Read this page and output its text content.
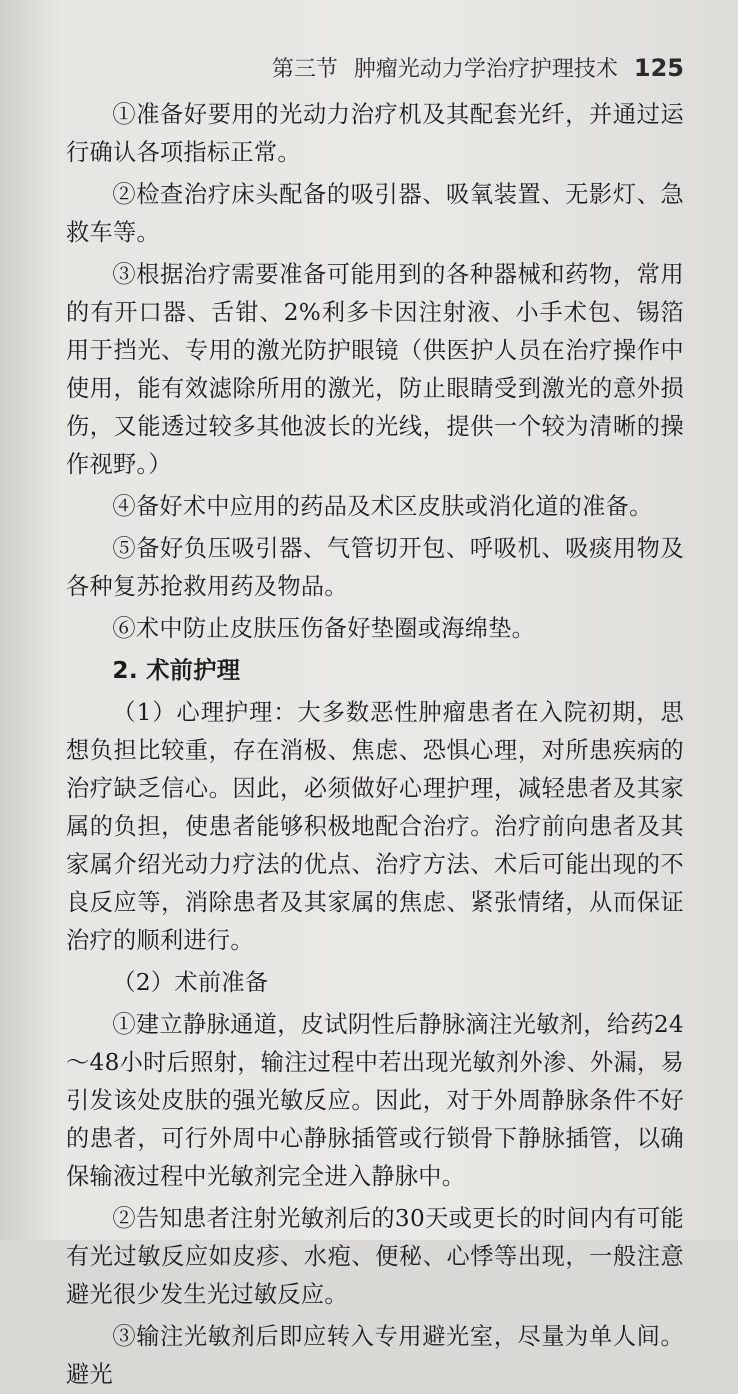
第三节 肿瘤光动力学治疗护理技术 125

①准备好要用的光动力治疗机及其配套光纤，并通过运行确认各项指标正常。

②检查治疗床头配备的吸引器、吸氧装置、无影灯、急救车等。

③根据治疗需要准备可能用到的各种器械和药物，常用的有开口器、舌钳、2%利多卡因注射液、小手术包、锡箔用于挡光、专用的激光防护眼镜（供医护人员在治疗操作中使用，能有效滤除所用的激光，防止眼睛受到激光的意外损伤，又能透过较多其他波长的光线，提供一个较为清晰的操作视野。）

④备好术中应用的药品及术区皮肤或消化道的准备。

⑤备好负压吸引器、气管切开包、呼吸机、吸痰用物及各种复苏抢救用药及物品。

⑥术中防止皮肤压伤备好垫圈或海绵垫。

2. 术前护理

（1）心理护理：大多数恶性肿瘤患者在入院初期，思想负担比较重，存在消极、焦虑、恐惧心理，对所患疾病的治疗缺乏信心。因此，必须做好心理护理，减轻患者及其家属的负担，使患者能够积极地配合治疗。治疗前向患者及其家属介绍光动力疗法的优点、治疗方法、术后可能出现的不良反应等，消除患者及其家属的焦虑、紧张情绪，从而保证治疗的顺利进行。

（2）术前准备

①建立静脉通道，皮试阴性后静脉滴注光敏剂，给药24～48小时后照射，输注过程中若出现光敏剂外渗、外漏，易引发该处皮肤的强光敏反应。因此，对于外周静脉条件不好的患者，可行外周中心静脉插管或行锁骨下静脉插管，以确保输液过程中光敏剂完全进入静脉中。

②告知患者注射光敏剂后的30天或更长的时间内有可能有光过敏反应如皮疹、水疱、便秘、心悸等出现，一般注意避光很少发生光过敏反应。

③输注光敏剂后即应转入专用避光室，尽量为单人间。避光
